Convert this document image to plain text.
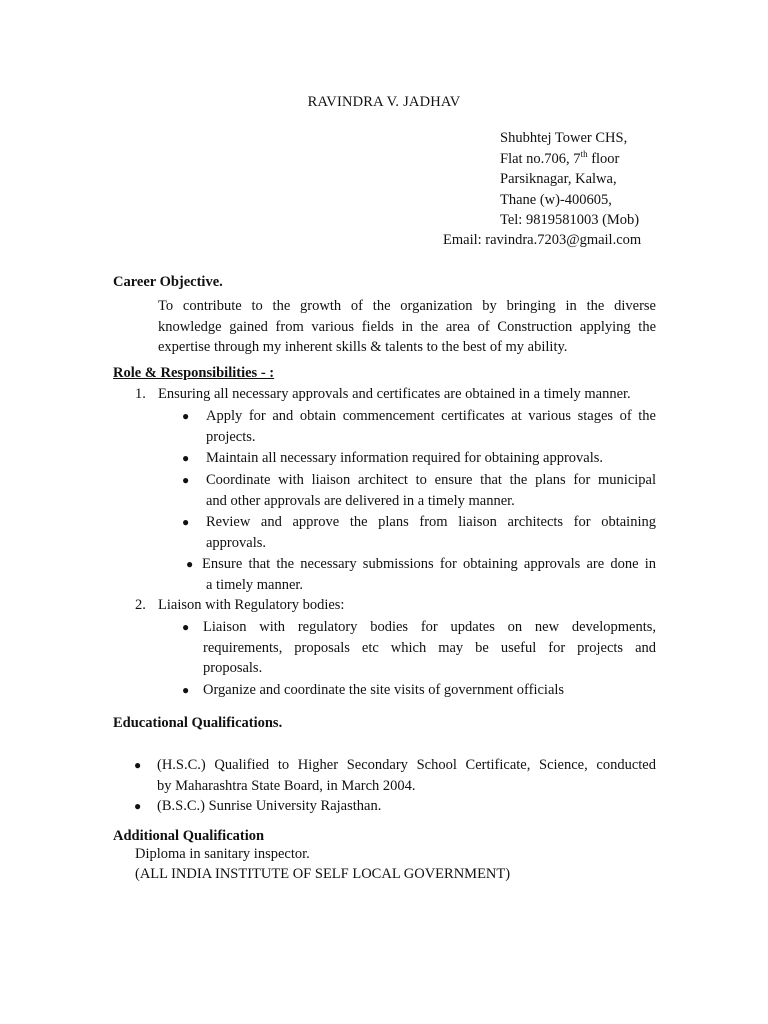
RAVINDRA V. JADHAV
Shubhtej Tower CHS,
Flat no.706, 7th floor
Parsiknagar, Kalwa,
Thane (w)-400605,
Tel: 9819581003 (Mob)
Email: ravindra.7203@gmail.com
Career Objective.
To contribute to the growth of the organization by bringing in the diverse
knowledge gained from various fields in the area of Construction applying the
expertise through my inherent skills & talents to the best of my ability.
Role & Responsibilities - :
1. Ensuring all necessary approvals and certificates are obtained in a timely manner.
● Apply for and obtain commencement certificates at various stages of the
projects.
● Maintain all necessary information required for obtaining approvals.
● Coordinate with liaison architect to ensure that the plans for municipal
and other approvals are delivered in a timely manner.
● Review and approve the plans from liaison architects for obtaining
approvals.
● Ensure that the necessary submissions for obtaining approvals are done in
a timely manner.
2. Liaison with Regulatory bodies:
● Liaison with regulatory bodies for updates on new developments,
requirements, proposals etc which may be useful for projects and
proposals.
● Organize and coordinate the site visits of government officials
Educational Qualifications.
● (H.S.C.) Qualified to Higher Secondary School Certificate, Science, conducted
by Maharashtra State Board, in March 2004.
● (B.S.C.) Sunrise University Rajasthan.
Additional Qualification
Diploma in sanitary inspector.
(ALL INDIA INSTITUTE OF SELF LOCAL GOVERNMENT)
